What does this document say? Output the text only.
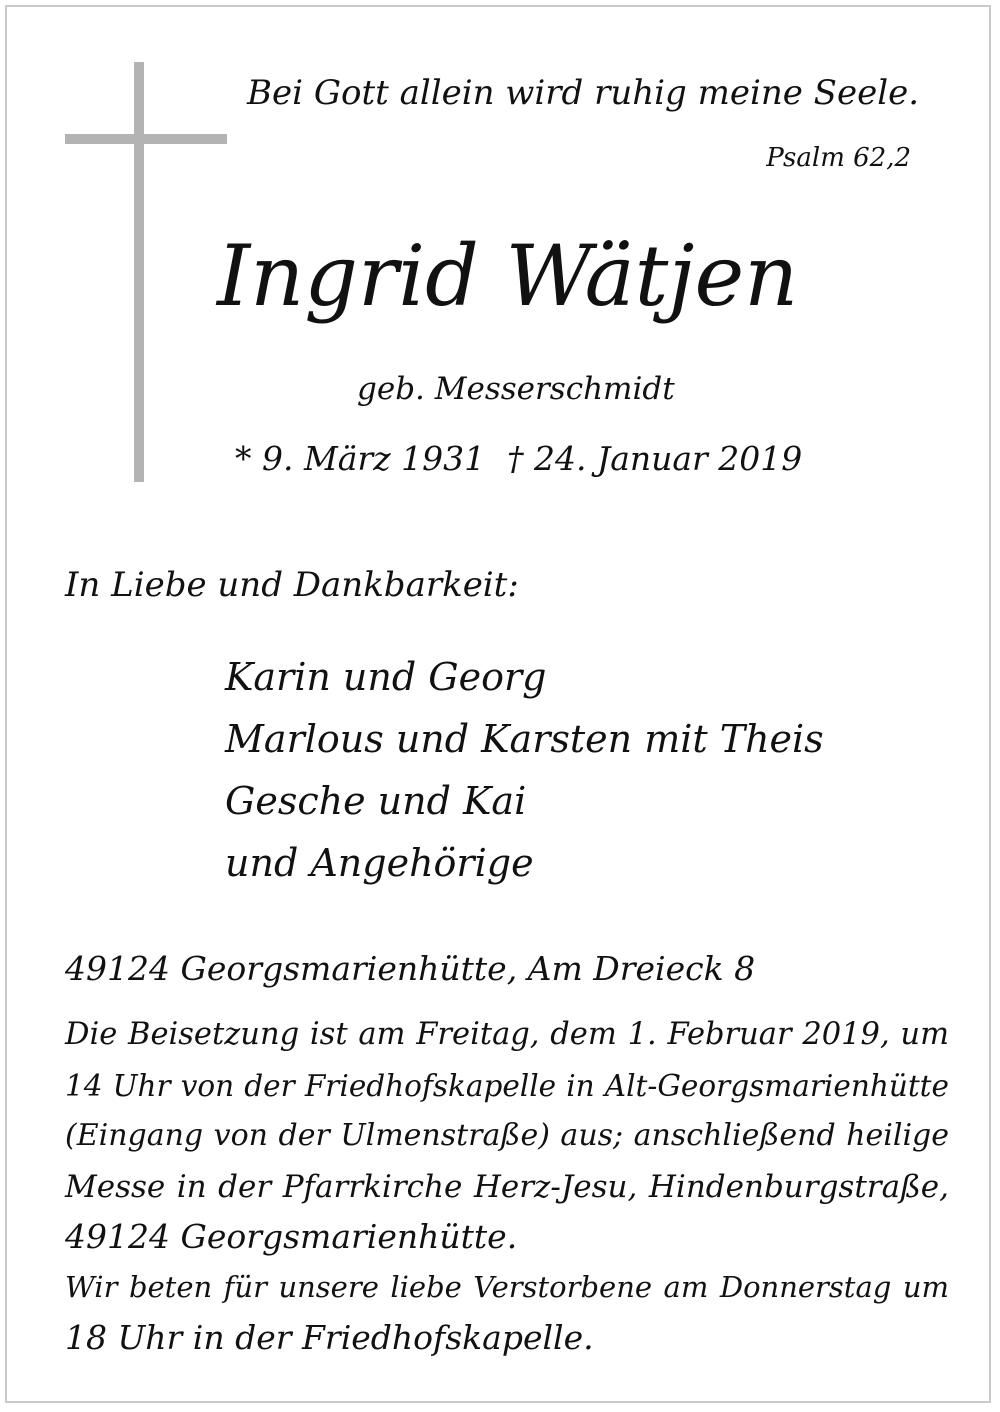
Bei Gott allein wird ruhig meine Seele.
Psalm 62,2
Ingrid Wätjen
geb. Messerschmidt
* 9. März 1931 † 24. Januar 2019
In Liebe und Dankbarkeit:
Karin und Georg
Marlous und Karsten mit Theis
Gesche und Kai
und Angehörige
49124 Georgsmarienhütte, Am Dreieck 8
Die Beisetzung ist am Freitag, dem 1. Februar 2019, um
14 Uhr von der Friedhofskapelle in Alt-Georgsmarienhütte
(Eingang von der Ulmenstraße) aus; anschließend heilige
Messe in der Pfarrkirche Herz-Jesu, Hindenburgstraße,
49124 Georgsmarienhütte.
Wir beten für unsere liebe Verstorbene am Donnerstag um
18 Uhr in der Friedhofskapelle.
